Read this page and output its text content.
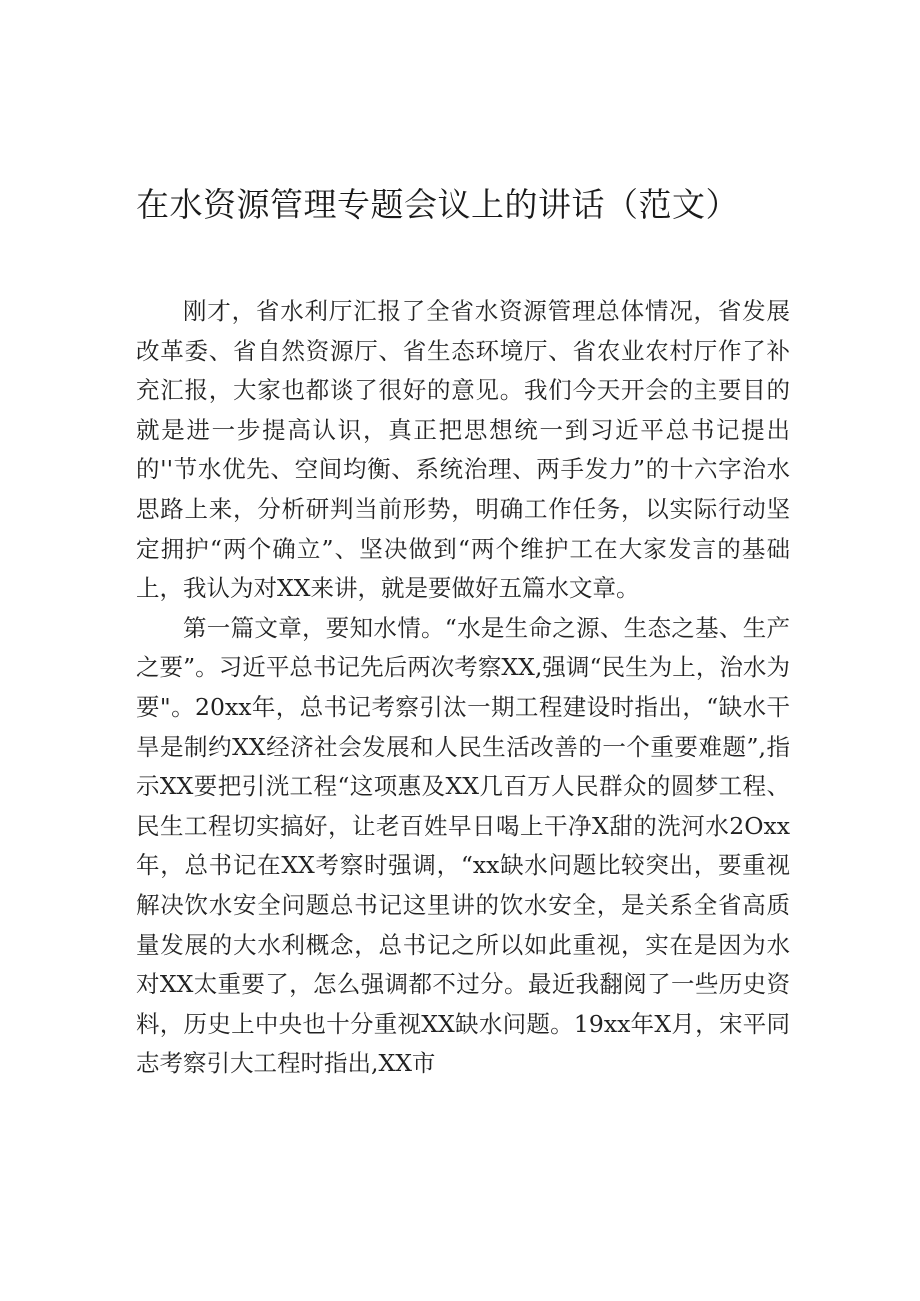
在水资源管理专题会议上的讲话（范文）

刚才，省水利厅汇报了全省水资源管理总体情况，省发展改革委、省自然资源厅、省生态环境厅、省农业农村厅作了补充汇报，大家也都谈了很好的意见。我们今天开会的主要目的就是进一步提高认识，真正把思想统一到习近平总书记提出的''节水优先、空间均衡、系统治理、两手发力”的十六字治水思路上来，分析研判当前形势，明确工作任务，以实际行动坚定拥护“两个确立”、坚决做到“两个维护工在大家发言的基础上，我认为对XX来讲，就是要做好五篇水文章。

第一篇文章，要知水情。“水是生命之源、生态之基、生产之要”。习近平总书记先后两次考察XX,强调“民生为上，治水为要"。20xx年，总书记考察引汰一期工程建设时指出，“缺水干旱是制约XX经济社会发展和人民生活改善的一个重要难题”,指示XX要把引洸工程“这项惠及XX几百万人民群众的圆梦工程、民生工程切实搞好，让老百姓早日喝上干净X甜的洗河水2Oxx年，总书记在XX考察时强调，“xx缺水问题比较突出，要重视解决饮水安全问题总书记这里讲的饮水安全，是关系全省高质量发展的大水利概念，总书记之所以如此重视，实在是因为水对XX太重要了，怎么强调都不过分。最近我翻阅了一些历史资料，历史上中央也十分重视XX缺水问题。19xx年X月，宋平同志考察引大工程时指出,XX市
